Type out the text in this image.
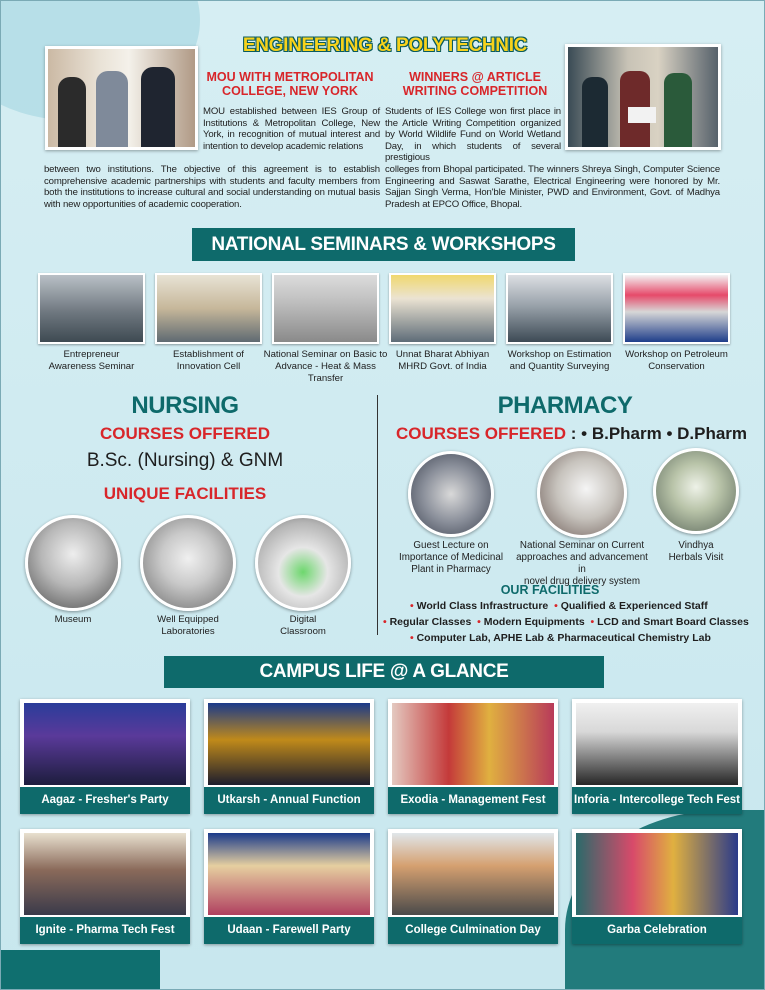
ENGINEERING & POLYTECHNIC
MOU WITH METROPOLITAN
COLLEGE, NEW YORK
MOU established between IES Group of Institutions & Metropolitan College, New York, in recognition of mutual interest and intention to develop academic relations
between two institutions. The objective of this agreement is to establish comprehensive academic partnerships with students and faculty members from both the institutions to increase cultural and social understanding on mutual basis with new opportunities of academic cooperation.
WINNERS @ ARTICLE
WRITING COMPETITION
Students of IES College won first place in the Article Writing Competition organized by World Wildlife Fund on World Wetland Day, in which students of several prestigious
colleges from Bhopal participated. The winners Shreya Singh, Computer Science Engineering and Saswat Sarathe, Electrical Engineering were honored by Mr. Sajjan Singh Verma, Hon'ble Minister, PWD and Environment, Govt. of Madhya Pradesh at EPCO Office, Bhopal.
NATIONAL SEMINARS & WORKSHOPS
Entrepreneur
Awareness Seminar
Establishment of
Innovation Cell
National Seminar on Basic to
Advance - Heat & Mass Transfer
Unnat Bharat Abhiyan
MHRD Govt. of India
Workshop on Estimation
and Quantity Surveying
Workshop on Petroleum
Conservation
NURSING
COURSES OFFERED
B.Sc. (Nursing) & GNM
UNIQUE FACILITIES
Museum	Well Equipped
Laboratories
Digital
Classroom
PHARMACY
COURSES OFFERED : • B.Pharm • D.Pharm
Guest Lecture on
Importance of Medicinal
Plant in Pharmacy
National Seminar on Current
approaches and advancement in
novel drug delivery system
Vindhya
Herbals Visit
OUR FACILITIES
• World Class Infrastructure  • Qualified & Experienced Staff
• Regular Classes  • Modern Equipments  • LCD and Smart Board Classes
• Computer Lab, APHE Lab & Pharmaceutical Chemistry Lab
CAMPUS LIFE @ A GLANCE
Aagaz - Fresher's Party	Utkarsh - Annual Function	Exodia - Management Fest	Inforia - Intercollege Tech Fest
Ignite - Pharma Tech Fest	Udaan - Farewell Party	College Culmination Day	Garba Celebration
